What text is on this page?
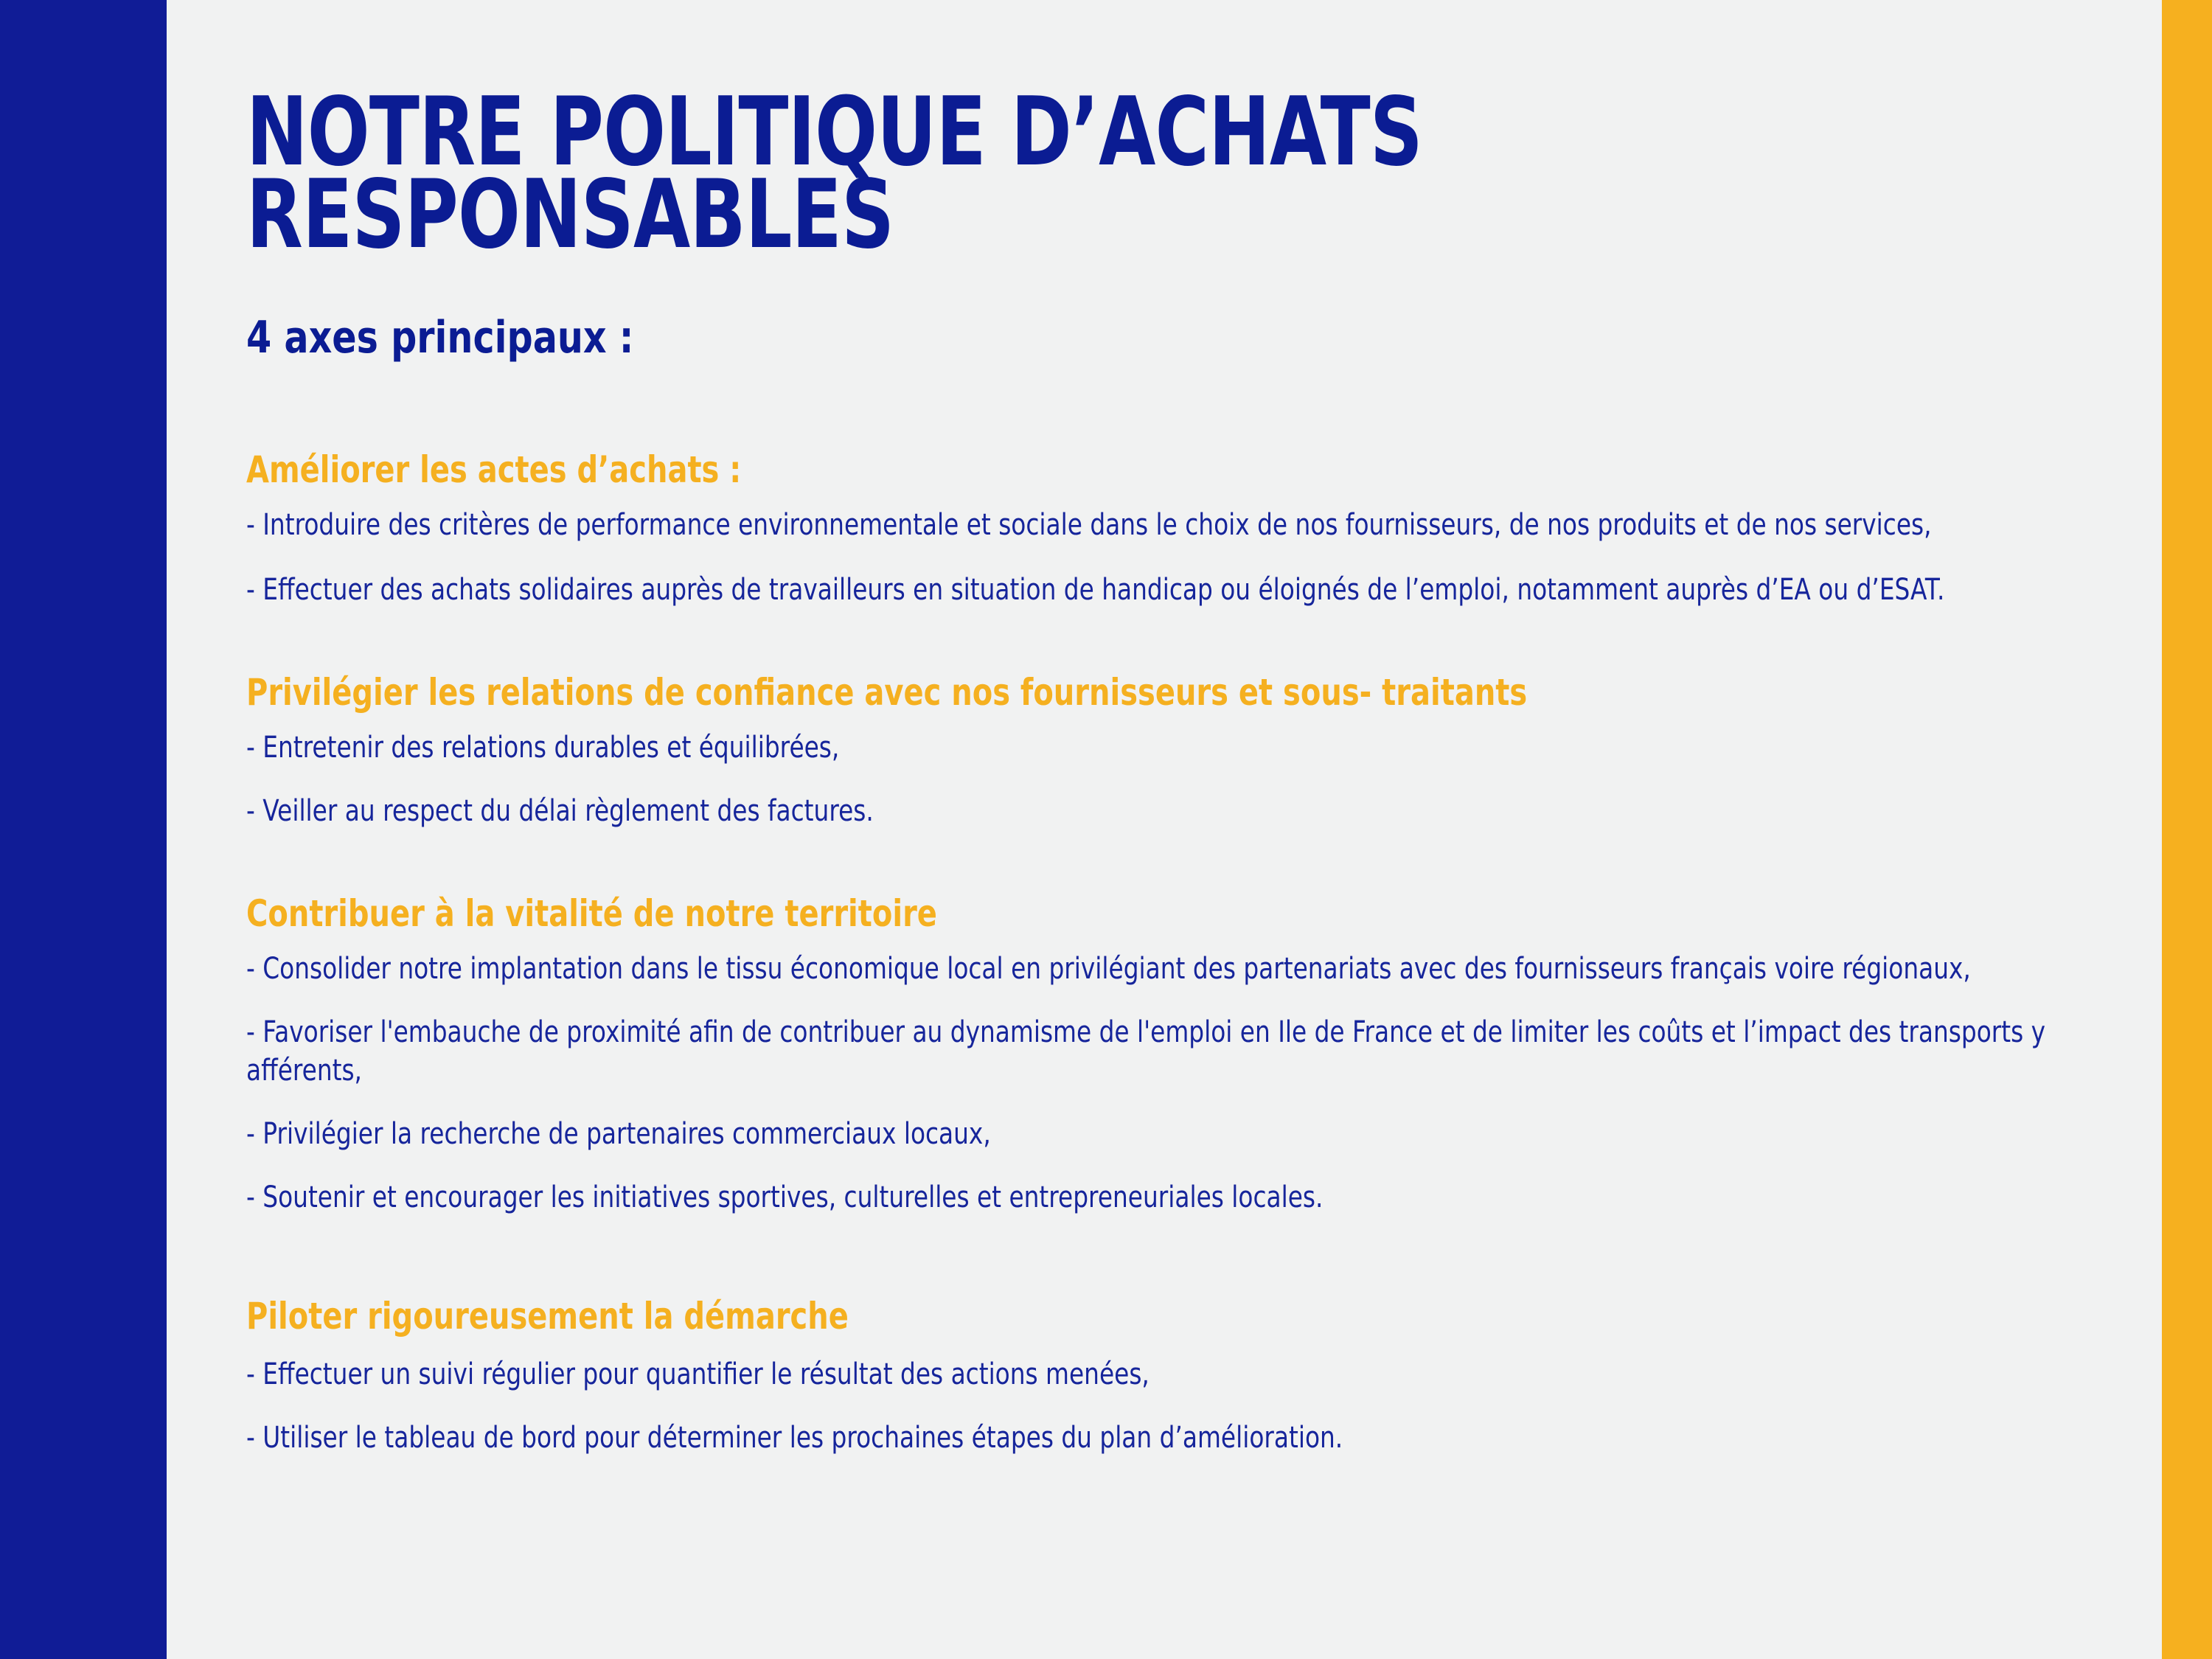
NOTRE POLITIQUE D’ACHATS
RESPONSABLES
4 axes principaux :
Améliorer les actes d’achats :
- Introduire des critères de performance environnementale et sociale dans le choix de nos fournisseurs, de nos produits et de nos services,
- Effectuer des achats solidaires auprès de travailleurs en situation de handicap ou éloignés de l’emploi, notamment auprès d’EA ou d’ESAT.
Privilégier les relations de confiance avec nos fournisseurs et sous- traitants
- Entretenir des relations durables et équilibrées,
- Veiller au respect du délai règlement des factures.
Contribuer à la vitalité de notre territoire
- Consolider notre implantation dans le tissu économique local en privilégiant des partenariats avec des fournisseurs français voire régionaux,
- Favoriser l'embauche de proximité afin de contribuer au dynamisme de l'emploi en Ile de France et de limiter les coûts et l’impact des transports y afférents,
- Privilégier la recherche de partenaires commerciaux locaux,
- Soutenir et encourager les initiatives sportives, culturelles et entrepreneuriales locales.
Piloter rigoureusement la démarche
- Effectuer un suivi régulier pour quantifier le résultat des actions menées,
- Utiliser le tableau de bord pour déterminer les prochaines étapes du plan d’amélioration.
